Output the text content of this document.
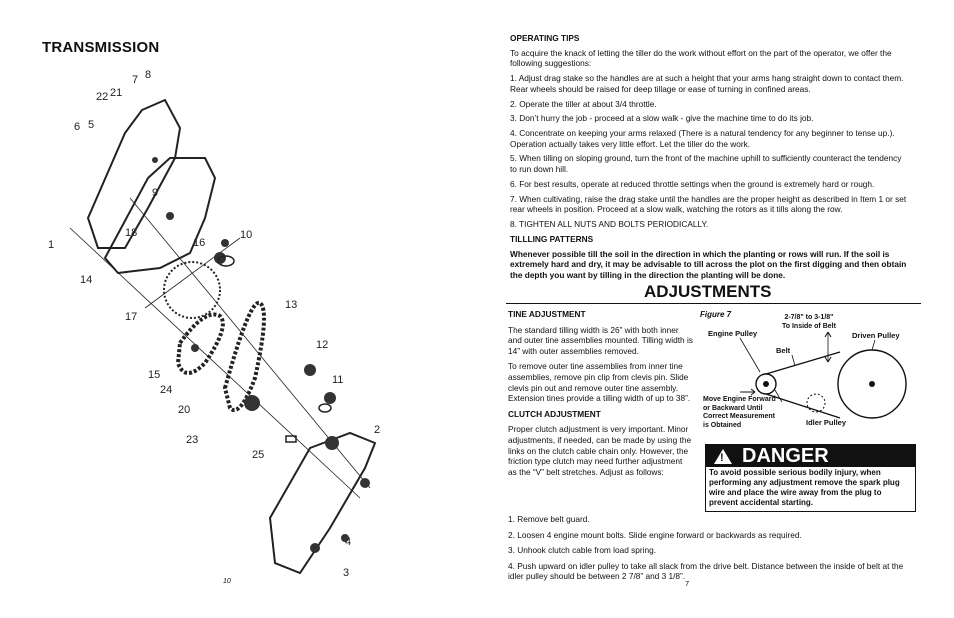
TRANSMISSION
1
2
3
4
5
6
7 8
9
10
11
12
13
14
15
16
17
18
20
21
22
23
24
25
10

OPERATING TIPS

To acquire the knack of letting the tiller do the work without effort on the part of the operator, we offer the following suggestions:

1. Adjust drag stake so the handles are at such a height that your arms hang straight down to contact them. Rear wheels should be raised for deep tillage or ease of turning in confined areas.

2. Operate the tiller at about 3/4 throttle.

3. Don’t hurry the job - proceed at a slow walk - give the machine time to do its job.

4. Concentrate on keeping your arms relaxed (There is a natural tendency for any beginner to tense up.). Operation actually takes very little effort. Let the tiller do the work.

5. When tilling on sloping ground, turn the front of the machine uphill to sufficiently counteract the tendency to run down hill.

6. For best results, operate at reduced throttle settings when the ground is extremely hard or rough.

7. When cultivating, raise the drag stake until the handles are the proper height as described in Item 1 or set rear wheels in position. Proceed at a slow walk, watching the rotors as it tills along the row.

8. TIGHTEN ALL NUTS AND BOLTS PERIODICALLY.

TILLLING PATTERNS

Whenever possible till the soil in the direction in which the planting or rows will run. If the soil is extremely hard and dry, it may be advisable to till across the plot on the first digging and then obtain the depth you want by tilling in the direction the planting will be done.

ADJUSTMENTS

TINE ADJUSTMENT

The standard tilling width is 26” with both inner and outer tine assemblies mounted. Tilling width is 14” with outer assemblies removed.

To remove outer tine assemblies from inner tine assemblies, remove pin clip from clevis pin. Slide clevis pin out and remove outer tine assembly. Extension tines provide a tilling width of up to 38”.

CLUTCH ADJUSTMENT

Proper clutch adjustment is very important. Minor adjustments, if needed, can be made by using the links on the clutch cable chain only. However, the friction type clutch may need further adjustment as the “V” belt stretches. Adjust as follows:

1. Remove belt guard.
2. Loosen 4 engine mount bolts. Slide engine forward or backwards as required.
3. Unhook clutch cable from load spring.
4. Push upward on idler pulley to take all slack from the drive belt. Distance between the inside of belt at the idler pulley should be between 2 7/8” and 3 1/8”.
Figure 7	2-7/8" to 3-1/8"
To Inside of Belt
Engine Pulley	Driven Pulley
Belt
Move Engine Forward
or Backward Until
Correct Measurement
is Obtained	Idler Pulley
! DANGER
To avoid possible serious bodily injury, when performing any adjustment remove the spark plug wire and place the wire away from the plug to prevent accidental starting.
7
